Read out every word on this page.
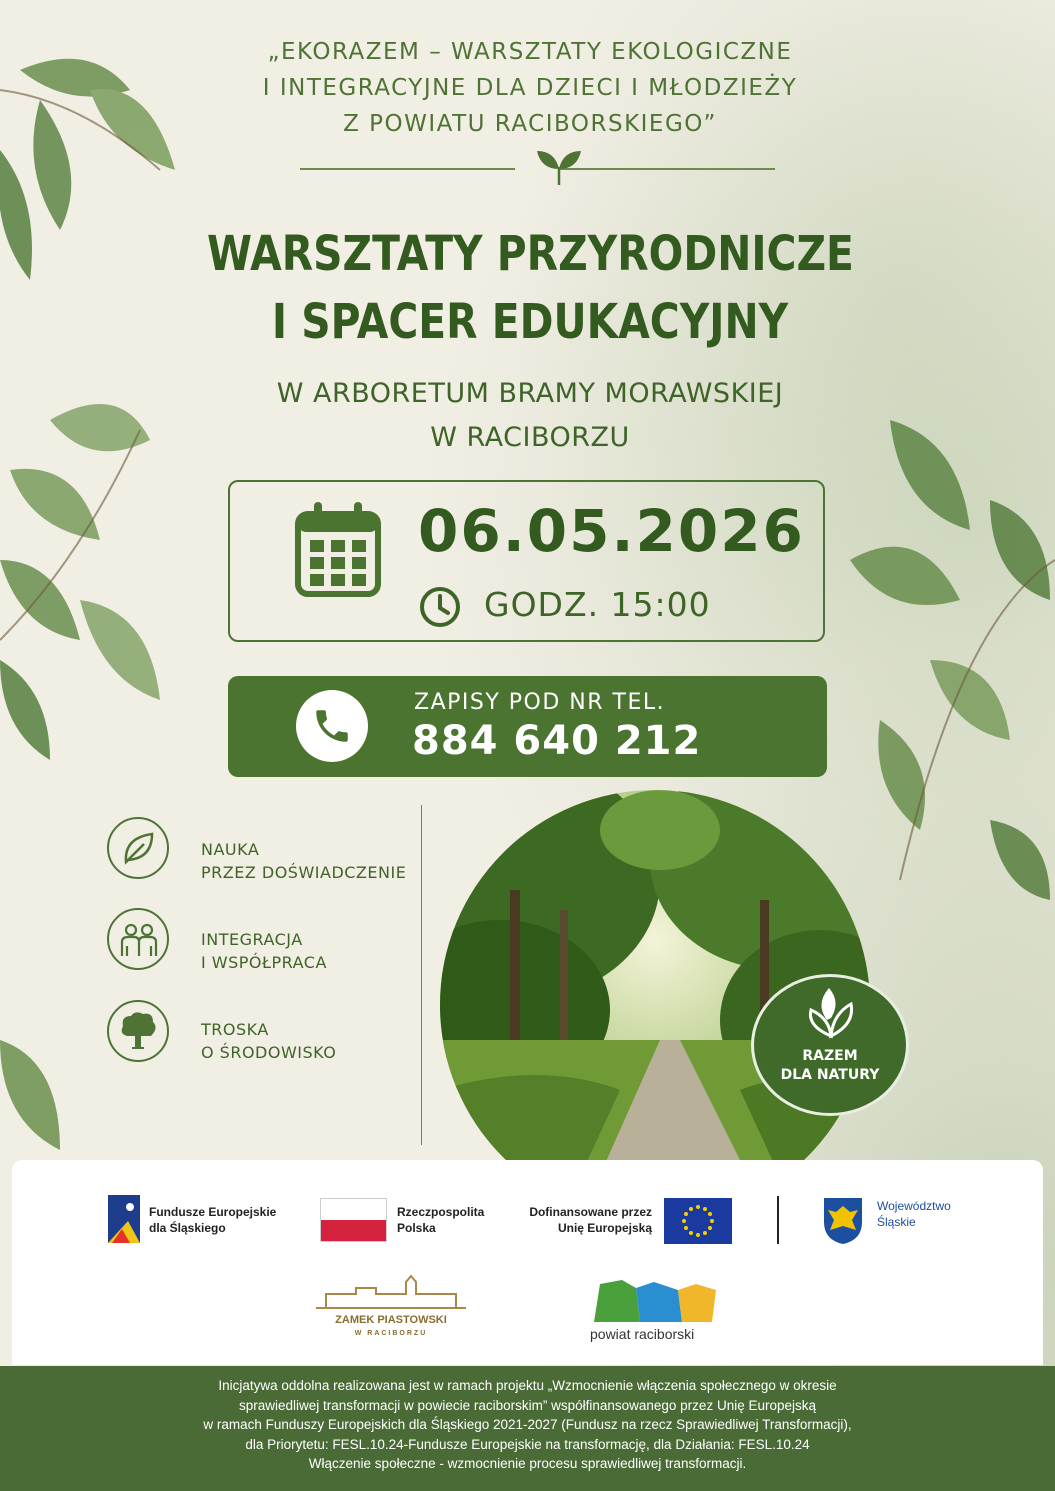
„EKORAZEM – WARSZTATY EKOLOGICZNE
I INTEGRACYJNE DLA DZIECI I MŁODZIEŻY
Z POWIATU RACIBORSKIEGO”
WARSZTATY PRZYRODNICZE
I SPACER EDUKACYJNY
W ARBORETUM BRAMY MORAWSKIEJ
W RACIBORZU
06.05.2026
GODZ. 15:00
ZAPISY POD NR TEL.
884 640 212
NAUKA
PRZEZ DOŚWIADCZENIE
INTEGRACJA
I WSPÓŁPRACA
TROSKA
O ŚRODOWISKO	RAZEM
DLA NATURY
Fundusze Europejskie
dla Śląskiego
Rzeczpospolita
Polska
Dofinansowane przez
Unię Europejską
Województwo
Śląskie
ZAMEK PIASTOWSKI
W RACIBORZU	powiat raciborski
Inicjatywa oddolna realizowana jest w ramach projektu „Wzmocnienie włączenia społecznego w okresie
sprawiedliwej transformacji w powiecie raciborskim” współfinansowanego przez Unię Europejską
w ramach Funduszy Europejskich dla Śląskiego 2021-2027 (Fundusz na rzecz Sprawiedliwej Transformacji),
dla Priorytetu: FESL.10.24-Fundusze Europejskie na transformację, dla Działania: FESL.10.24
Włączenie społeczne - wzmocnienie procesu sprawiedliwej transformacji.
